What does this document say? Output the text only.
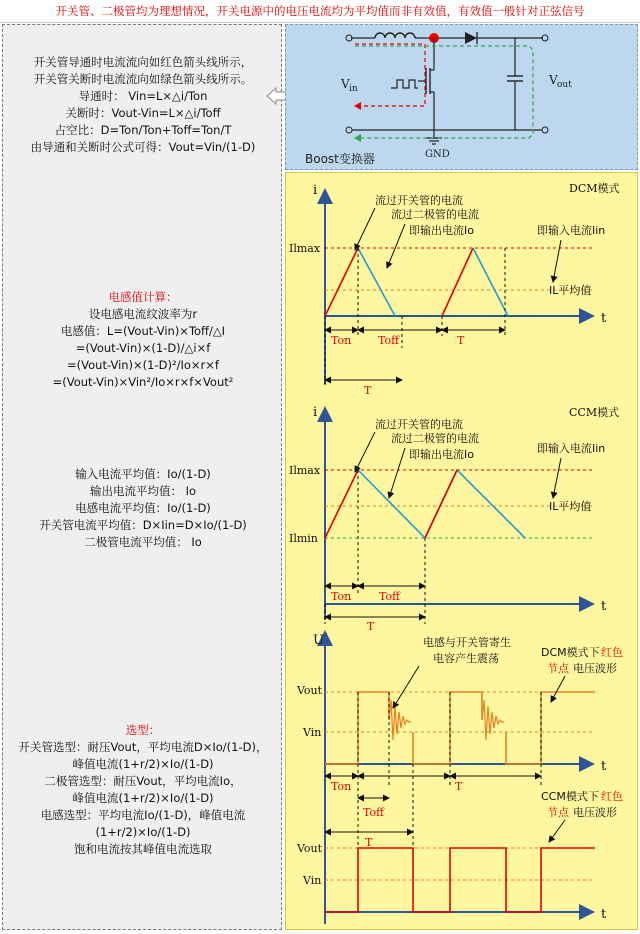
开关管、二极管均为理想情况，开关电源中的电压电流均为平均值而非有效值，有效值一般针对正弦信号
开关管导通时电流流向如红色箭头线所示，
开关管关断时电流流向如绿色箭头线所示。
导通时： Vin=L×△i/Ton
关断时：Vout-Vin=L×△i/Toff
占空比：D=Ton/Ton+Toff=Ton/T
由导通和关断时公式可得：Vout=Vin/(1-D)
电感值计算：
设电感电流纹波率为r
电感值：L=(Vout-Vin)×Toff/△I
=(Vout-Vin)×(1-D)/△i×f
=(Vout-Vin)×(1-D)²/Io×r×f
=(Vout-Vin)×Vin²/Io×r×f×Vout²
输入电流平均值：Io/(1-D)
输出电流平均值： Io
电感电流平均值：Io/(1-D)
开关管电流平均值：D×Iin=D×Io/(1-D)
二极管电流平均值： Io
选型：
开关管选型：耐压Vout，平均电流D×Io/(1-D)，
峰值电流(1+r/2)×Io/(1-D)
二极管选型：耐压Vout，平均电流Io，
峰值电流(1+r/2)×Io/(1-D)
电感选型：平均电流Io/(1-D)，峰值电流
(1+r/2)×Io/(1-D)
饱和电流按其峰值电流选取
V in
V out
GND
Boost变换器
i
t
Ilmax
DCM模式
Ton Toff	T
T
流过开关管的电流
流过二极管的电流
即输出电流Io	即输入电流Iin
IL平均值
i
t
Ilmax
Ilmin
CCM模式
Ton	Toff
T
流过开关管的电流
流过二极管的电流
即输出电流Io	即输入电流Iin
IL平均值
U
t
Vout
Vin
Ton
Toff
T
T
电感与开关管寄生
电容产生震荡	DCM模式下 红色
节点 电压波形
t
Vout
Vin
CCM模式下 红色
节点 电压波形
